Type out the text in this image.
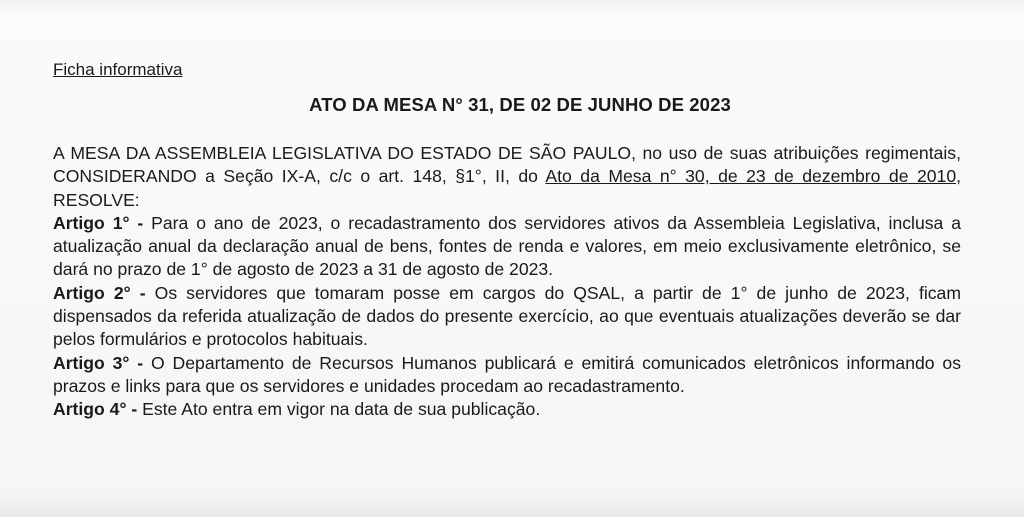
Ficha informativa
ATO DA MESA N° 31, DE 02 DE JUNHO DE 2023

A MESA DA ASSEMBLEIA LEGISLATIVA DO ESTADO DE SÃO PAULO, no uso de suas atribuições regimentais, CONSIDERANDO a Seção IX-A, c/c o art. 148, §1°, II, do Ato da Mesa n° 30, de 23 de dezembro de 2010, RESOLVE:

Artigo 1° - Para o ano de 2023, o recadastramento dos servidores ativos da Assembleia Legislativa, inclusa a atualização anual da declaração anual de bens, fontes de renda e valores, em meio exclusivamente eletrônico, se dará no prazo de 1° de agosto de 2023 a 31 de agosto de 2023.

Artigo 2° - Os servidores que tomaram posse em cargos do QSAL, a partir de 1° de junho de 2023, ficam dispensados da referida atualização de dados do presente exercício, ao que eventuais atualizações deverão se dar pelos formulários e protocolos habituais.

Artigo 3° - O Departamento de Recursos Humanos publicará e emitirá comunicados eletrônicos informando os prazos e links para que os servidores e unidades procedam ao recadastramento.

Artigo 4° - Este Ato entra em vigor na data de sua publicação.
